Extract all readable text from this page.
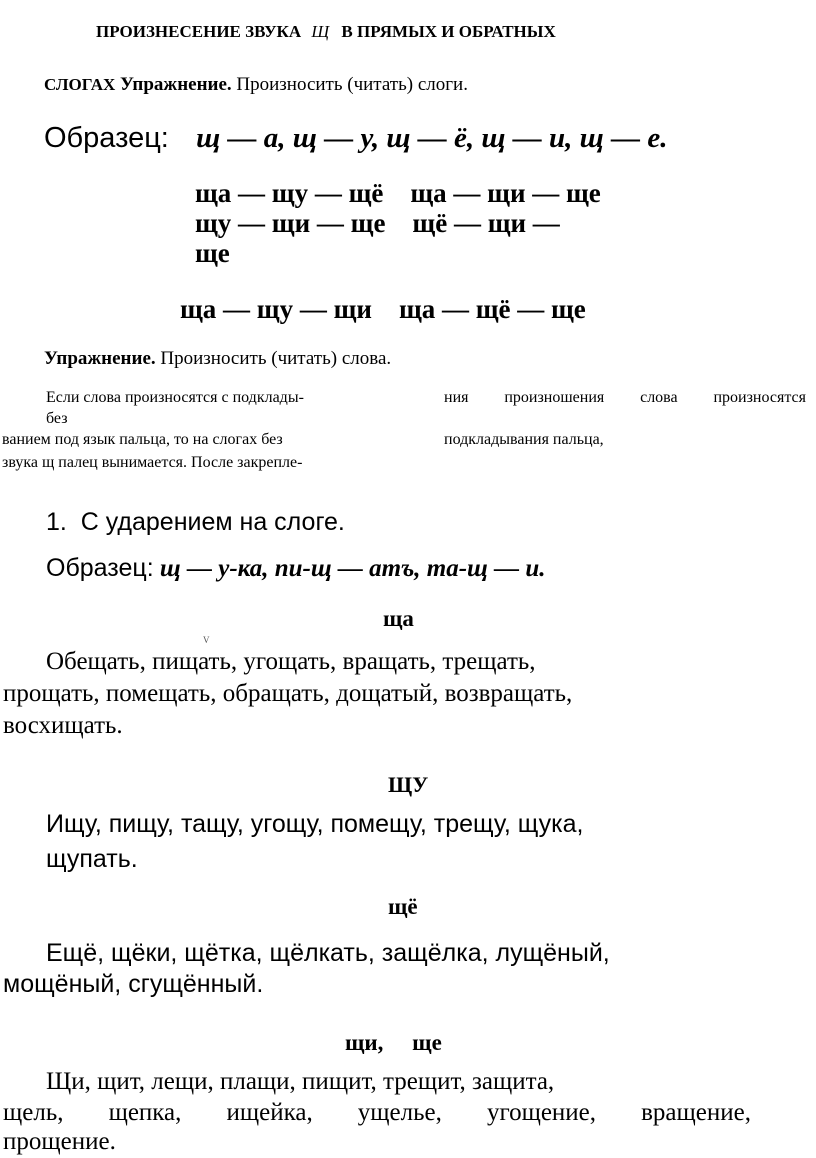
ПРОИЗНЕСЕНИЕ ЗВУКА Щ В ПРЯМЫХ И ОБРАТНЫХ
СЛОГАХ Упражнение. Произносить (читать) слоги.
Образец: щ — а, щ — у, щ — ё, щ — и, щ — е.
ща — щу — щё    ща — щи — ще
щу — щи — ще    щё — щи —
ще
ща — щу — щи    ща — щё — ще
Упражнение. Произносить (читать) слова.
Если слова произносятся с подклады-
без
ванием под язык пальца, то на слогах без
звука щ палец вынимается. После закрепле-
ния произношения слова произносятся
подкладывания пальца,
1.  С ударением на слоге.
Образец: щ — у-ка, пи-щ — атъ, та-щ — и.
ща
V
Обещать, пищать, угощать, вращать, трещать,
прощать, помещать, обращать, дощатый, возвращать,
восхищать.
ЩУ
Ищу, пищу, тащу, угощу, помещу, трещу, щука,
щупать.
щё
Ещё, щёки, щётка, щёлкать, защёлка, лущёный,
мощёный, сгущённый.
щи,     ще
Щи, щит, лещи, плащи, пищит, трещит, защита,
щель, щепка, ищейка, ущелье, угощение, вращение,
прощение.
